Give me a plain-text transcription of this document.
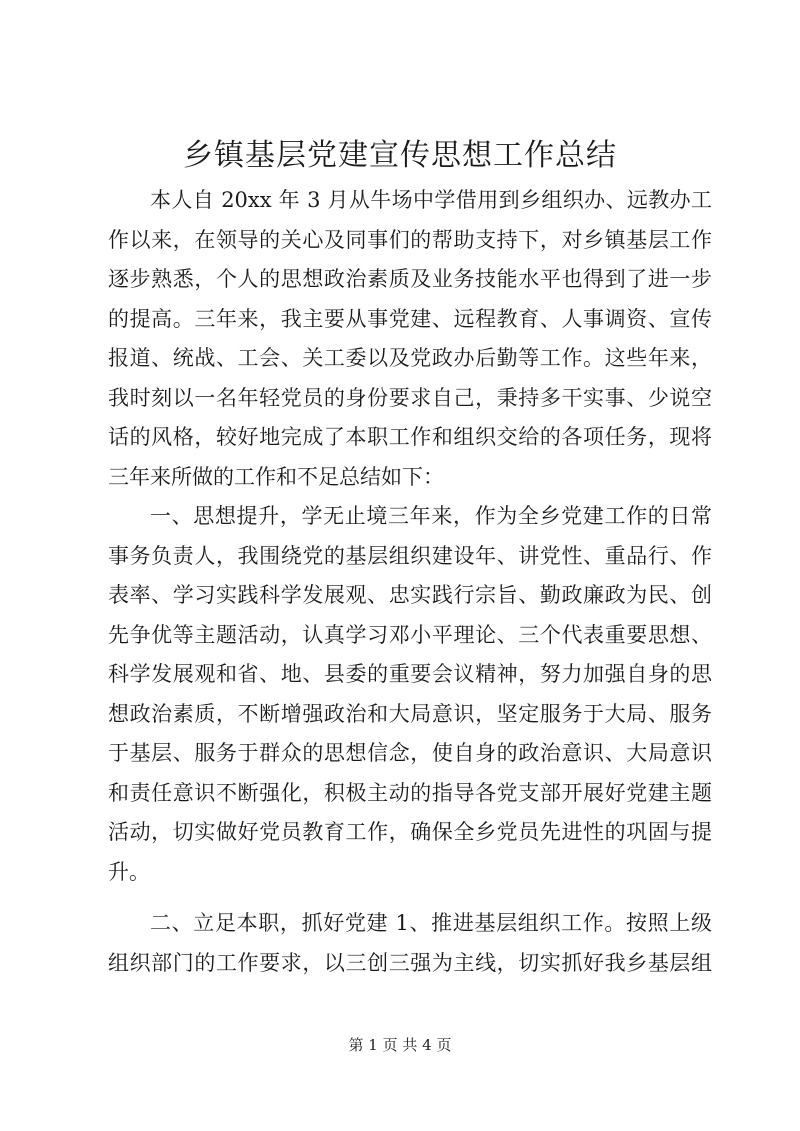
乡镇基层党建宣传思想工作总结
本人自 20xx 年 3 月从牛场中学借用到乡组织办、远教办工
作以来，在领导的关心及同事们的帮助支持下，对乡镇基层工作
逐步熟悉，个人的思想政治素质及业务技能水平也得到了进一步
的提高。三年来，我主要从事党建、远程教育、人事调资、宣传
报道、统战、工会、关工委以及党政办后勤等工作。这些年来，
我时刻以一名年轻党员的身份要求自己，秉持多干实事、少说空
话的风格，较好地完成了本职工作和组织交给的各项任务，现将
三年来所做的工作和不足总结如下：
一、思想提升，学无止境三年来，作为全乡党建工作的日常
事务负责人，我围绕党的基层组织建设年、讲党性、重品行、作
表率、学习实践科学发展观、忠实践行宗旨、勤政廉政为民、创
先争优等主题活动，认真学习邓小平理论、三个代表重要思想、
科学发展观和省、地、县委的重要会议精神，努力加强自身的思
想政治素质，不断增强政治和大局意识，坚定服务于大局、服务
于基层、服务于群众的思想信念，使自身的政治意识、大局意识
和责任意识不断强化，积极主动的指导各党支部开展好党建主题
活动，切实做好党员教育工作，确保全乡党员先进性的巩固与提
升。
二、立足本职，抓好党建 1、推进基层组织工作。按照上级
组织部门的工作要求，以三创三强为主线，切实抓好我乡基层组
第 1 页 共 4 页
